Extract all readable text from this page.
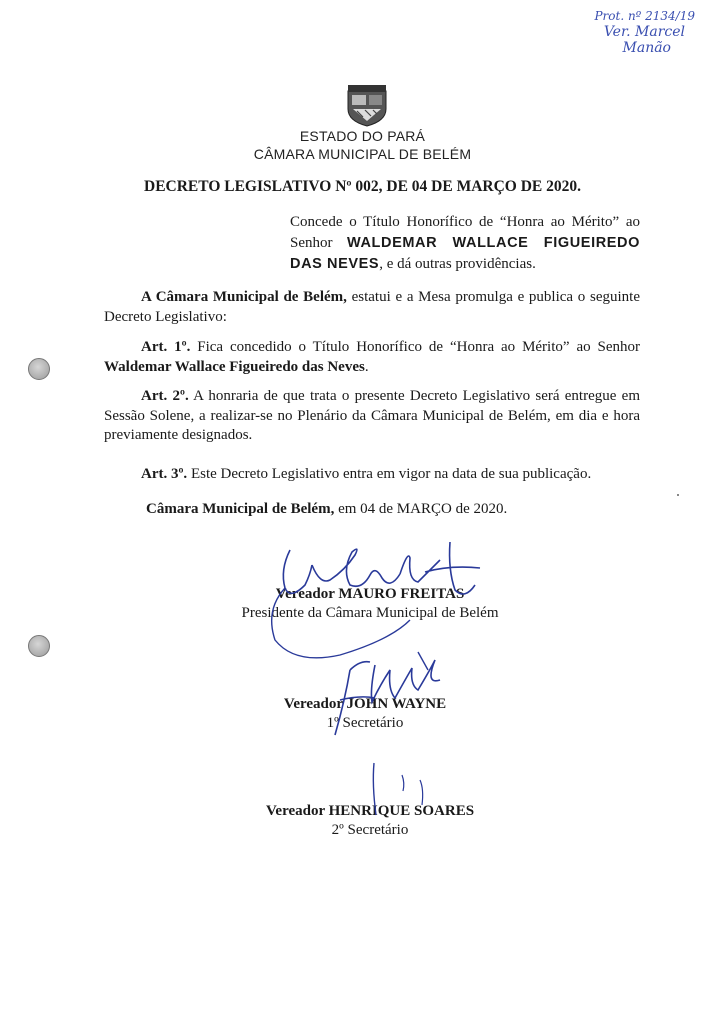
Prot. nº 2134/19
Ver. Marcel
Manão
ESTADO DO PARÁ
CÂMARA MUNICIPAL DE BELÉM
DECRETO LEGISLATIVO Nº 002, DE 04 DE MARÇO DE 2020.
Concede o Título Honorífico de “Honra ao Mérito” ao Senhor WALDEMAR WALLACE FIGUEIREDO DAS NEVES, e dá outras providências.
A Câmara Municipal de Belém, estatui e a Mesa promulga e publica o seguinte Decreto Legislativo:
Art. 1º. Fica concedido o Título Honorífico de “Honra ao Mérito” ao Senhor Waldemar Wallace Figueiredo das Neves.
Art. 2º. A honraria de que trata o presente Decreto Legislativo será entregue em Sessão Solene, a realizar-se no Plenário da Câmara Municipal de Belém, em dia e hora previamente designados.
Art. 3º. Este Decreto Legislativo entra em vigor na data de sua publicação.
Câmara Municipal de Belém, em 04 de MARÇO de 2020.
Vereador MAURO FREITAS
Presidente da Câmara Municipal de Belém
Vereador JOHN WAYNE
1º Secretário
Vereador HENRIQUE SOARES
2º Secretário
